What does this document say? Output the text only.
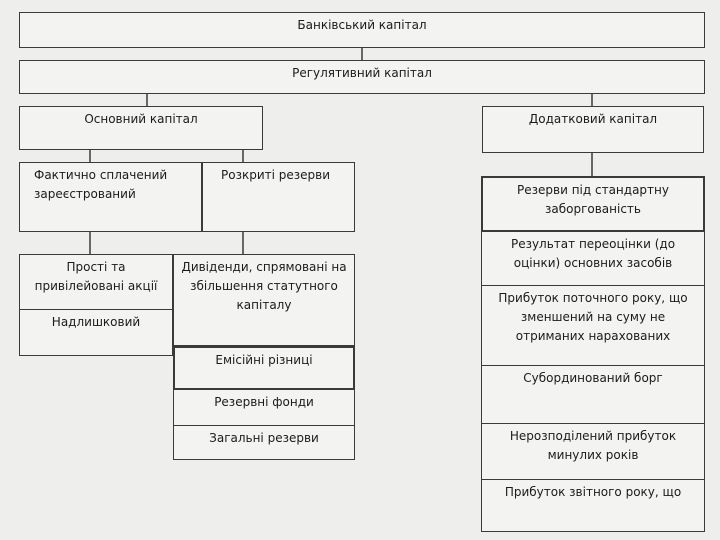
Банківський капітал
Регулятивний капітал
Основний капітал	Додатковий капітал
Фактично сплачений зареєстрований
Розкриті резерви
Прості та привілейовані акції
Надлишковий
Дивіденди, спрямовані на збільшення статутного капіталу
Емісійні різниці
Резервні фонди
Загальні резерви
Резерви під стандартну заборгованість
Результат переоцінки (до оцінки) основних засобів
Прибуток поточного року, що зменшений на суму не отриманих нарахованих
Субординований борг
Нерозподілений прибуток минулих років
Прибуток звітного року, що
